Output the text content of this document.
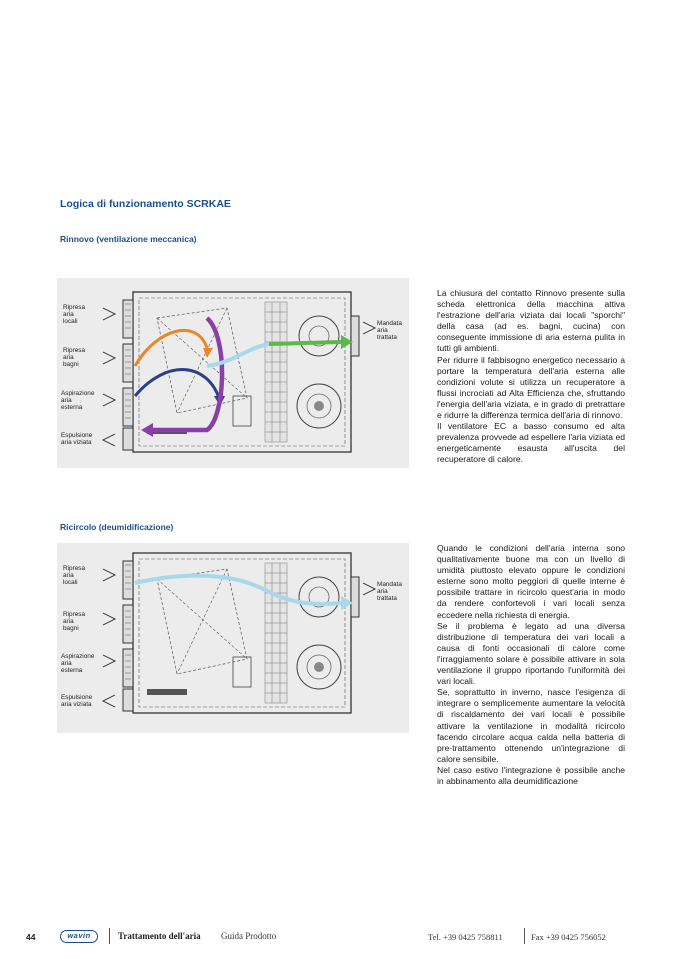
Logica di funzionamento SCRKAE
Rinnovo (ventilazione meccanica)
Ripresa aria locali
Ripresa aria bagni
Aspirazione aria esterna
Espulsione aria viziata
Mandata aria trattata

La chiusura del contatto Rinnovo presente sulla scheda elettronica della macchina attiva l'estrazione dell'aria viziata dai locali "sporchi" della casa (ad es. bagni, cucina) con conseguente immissione di aria esterna pulita in tutti gli ambienti.

Per ridurre il fabbisogno energetico necessario a portare la temperatura dell'aria esterna alle condizioni volute si utilizza un recuperatore a flussi incrociati ad Alta Efficienza che, sfruttando l'energia dell'aria viziata, e in grado di pretrattare e ridurre la differenza termica dell'aria di rinnovo.

Il ventilatore EC a basso consumo ed alta prevalenza provvede ad espellere l'aria viziata ed energeticamente esausta all'uscita del recuperatore di calore.

Ricircolo (deumidificazione)
Ripresa aria locali
Ripresa aria bagni
Aspirazione aria esterna
Espulsione aria viziata
Mandata aria trattata

Quando le condizioni dell'aria interna sono qualitativamente buone ma con un livello di umidità piuttosto elevato oppure le condizioni esterne sono molto peggiori di quelle interne è possibile trattare in ricircolo quest'aria in modo da rendere confortevoli i vari locali senza eccedere nella richiesta di energia.

Se il problema è legato ad una diversa distribuzione di temperatura dei vari locali a causa di fonti occasionali di calore come l'irraggiamento solare è possibile attivare in sola ventilazione il gruppo riportando l'uniformità dei vari locali.

Se, soprattutto in inverno, nasce l'esigenza di integrare o semplicemente aumentare la velocità di riscaldamento dei vari locali è possibile attivare la ventilazione in modalità ricircolo facendo circolare acqua calda nella batteria di pre-trattamento ottenendo un'integrazione di calore sensibile.

Nel caso estivo l'integrazione è possibile anche in abbinamento alla deumidificazione

44	wavin	Trattamento dell'aria Guida Prodotto	Tel. +39 0425 758811	Fax +39 0425 756052
